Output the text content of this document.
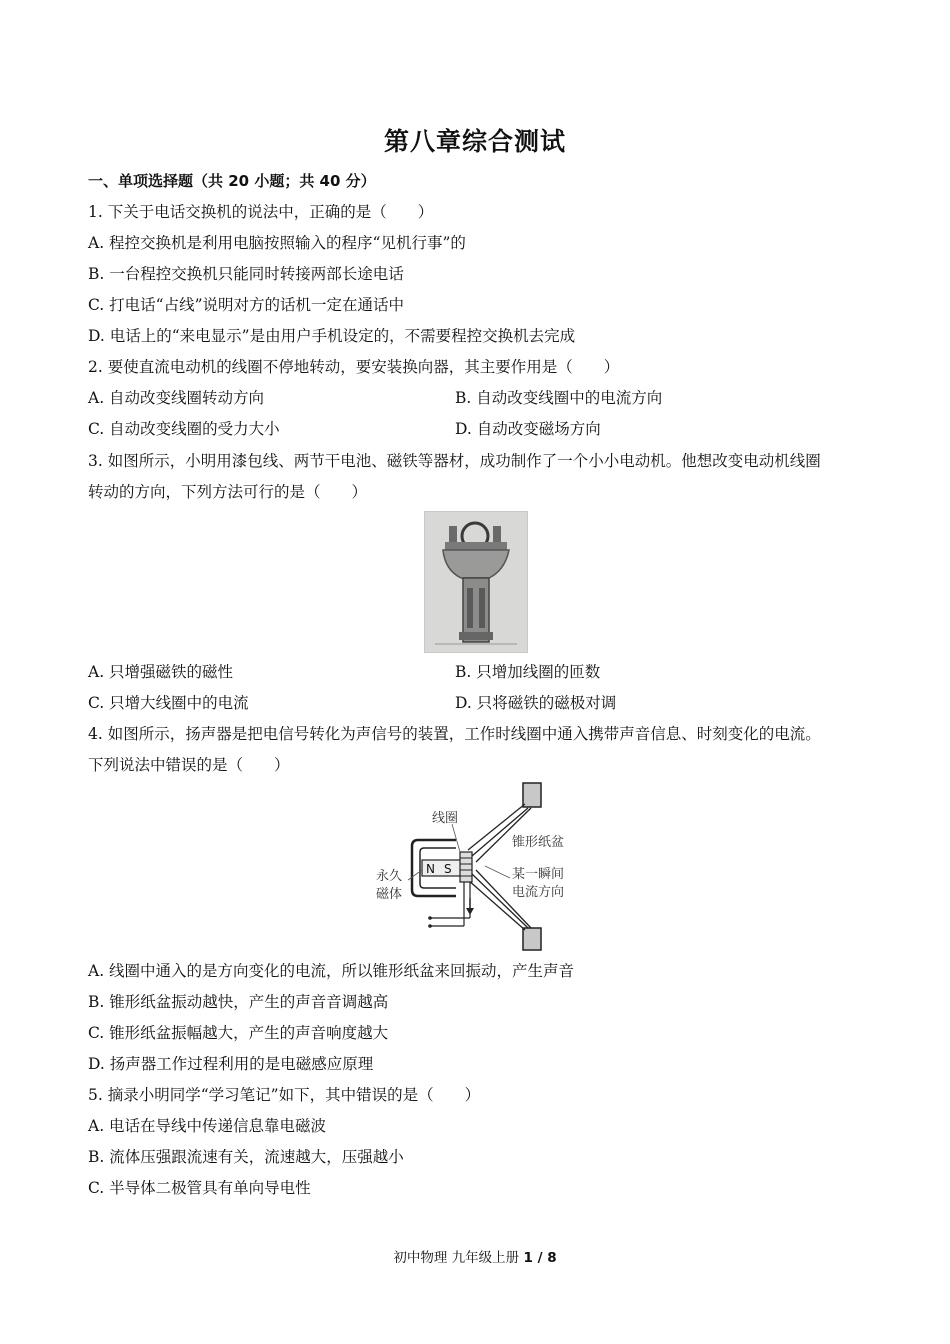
第八章综合测试
一、单项选择题（共 20 小题；共 40 分）
1. 下关于电话交换机的说法中，正确的是（　　）
A. 程控交换机是利用电脑按照输入的程序“见机行事”的
B. 一台程控交换机只能同时转接两部长途电话
C. 打电话“占线”说明对方的话机一定在通话中
D. 电话上的“来电显示”是由用户手机设定的，不需要程控交换机去完成
2. 要使直流电动机的线圈不停地转动，要安装换向器，其主要作用是（　　）
A. 自动改变线圈转动方向	B. 自动改变线圈中的电流方向
C. 自动改变线圈的受力大小	D. 自动改变磁场方向
3. 如图所示，小明用漆包线、两节干电池、磁铁等器材，成功制作了一个小小电动机。他想改变电动机线圈
转动的方向，下列方法可行的是（　　）
A. 只增强磁铁的磁性	B. 只增加线圈的匝数
C. 只增大线圈中的电流	D. 只将磁铁的磁极对调
4. 如图所示，扬声器是把电信号转化为声信号的装置，工作时线圈中通入携带声音信息、时刻变化的电流。
下列说法中错误的是（　　）
N S
线圈
锥形纸盆
某一瞬间
电流方向
永久
磁体
A. 线圈中通入的是方向变化的电流，所以锥形纸盆来回振动，产生声音
B. 锥形纸盆振动越快，产生的声音音调越高
C. 锥形纸盆振幅越大，产生的声音响度越大
D. 扬声器工作过程利用的是电磁感应原理
5. 摘录小明同学“学习笔记”如下，其中错误的是（　　）
A. 电话在导线中传递信息靠电磁波
B. 流体压强跟流速有关，流速越大，压强越小
C. 半导体二极管具有单向导电性
初中物理 九年级上册 1 / 8
